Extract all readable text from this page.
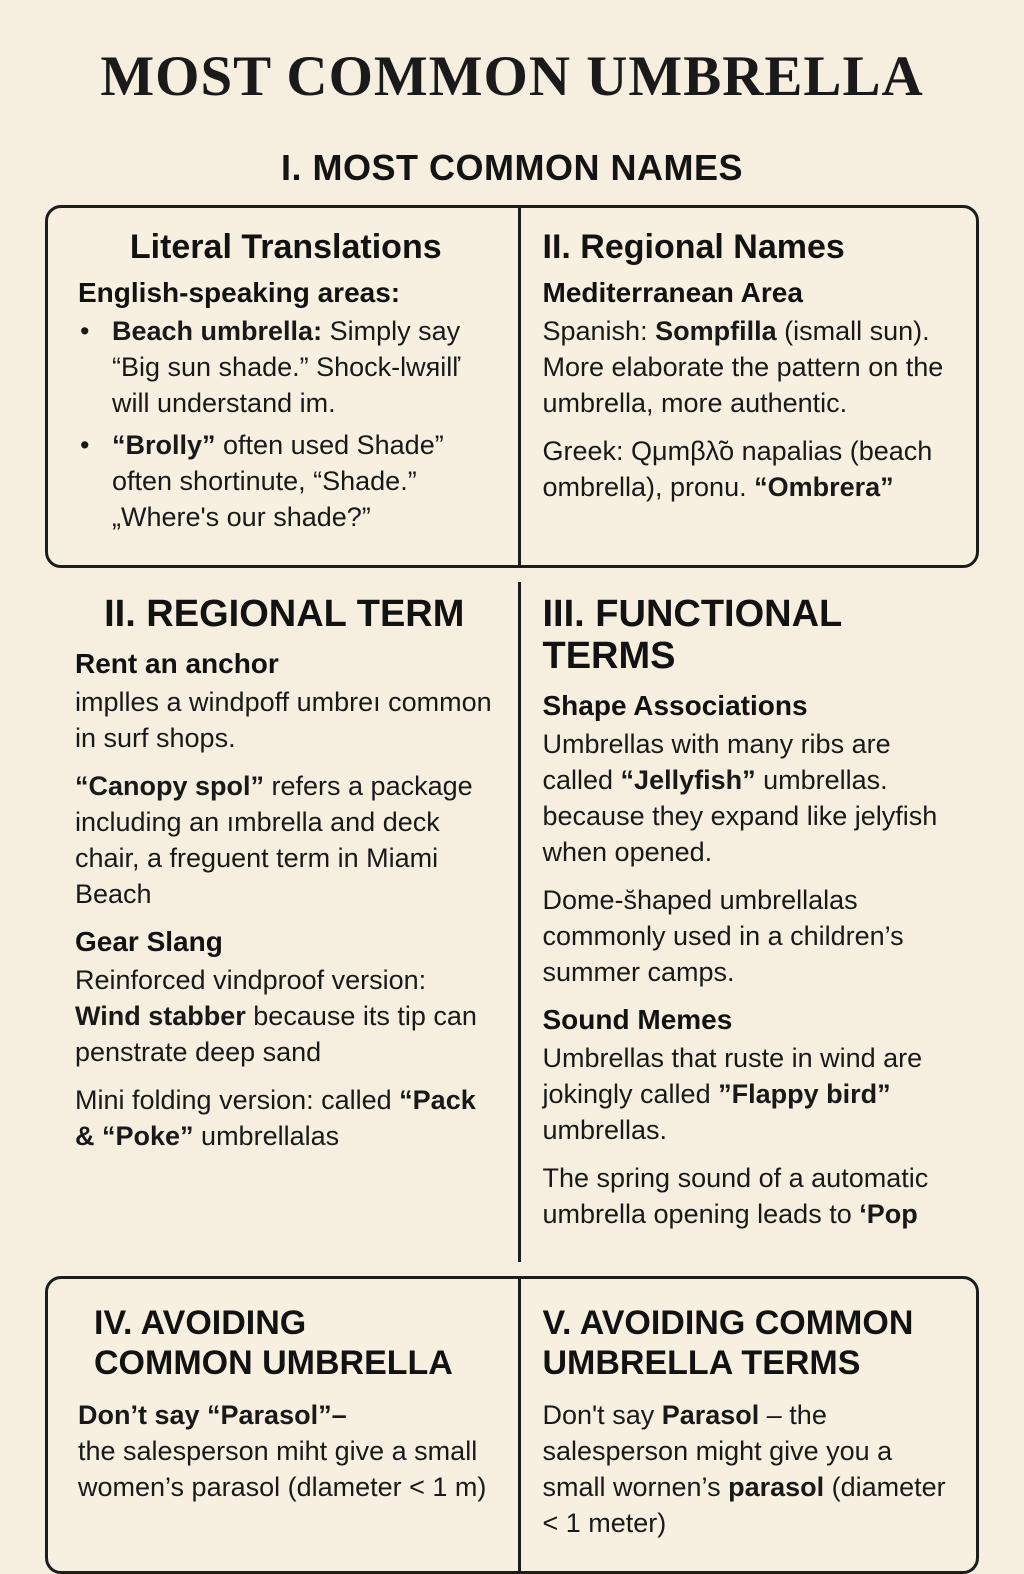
MOST COMMON UMBRELLA
I. MOST COMMON NAMES
Literal Translations
English-speaking areas:
• Beach umbrella: Simply say “Big sun shade.” Shock-lwяilľ will understand im.
• “Brolly” often used Shade” often shortinute, “Shade.” „Where's our shade?”
II. Regional Names
Mediterranean Area

Spanish: Sompfilla (ismall sun). More elaborate the pattern on the umbrella, more authentic.

Greek: Qμmβλ̃o napalias (beach ombrella), pronu. “Ombrera”

II. REGIONAL TERM
Rent an anchor

implles a windpoff umbreı common in surf shops.

“Canopy spol” refers a package including an ımbrella and deck chair, a freguent term in Miami Beach

Gear Slang

Reinforced vindproof version: Wind stabber because its tip can penstrate deep sand

Mini folding version: called “Pack & “Poke” umbrellalas

III. FUNCTIONAL TERMS
Shape Associations

Umbrellas with many ribs are called “Jellyfish” umbrellas. because they expand like jelyfish when opened.

Dome-s̆haped umbrellalas commonly used in a children’s summer camps.

Sound Memes

Umbrellas that ruste in wind are jokingly called ”Flappy bird” umbrellas.

The spring sound of a automatic umbrella opening leads to ‘Pop

IV. AVOIDING
COMMON UMBRELLA

Don’t say “Parasol”–
the salesperson miht give a small women’s parasol (dlameter < 1 m)

V. AVOIDING COMMON
UMBRELLA TERMS

Don't say Parasol – the salesperson might give you a small wornen’s parasol (diameter < 1 meter)
